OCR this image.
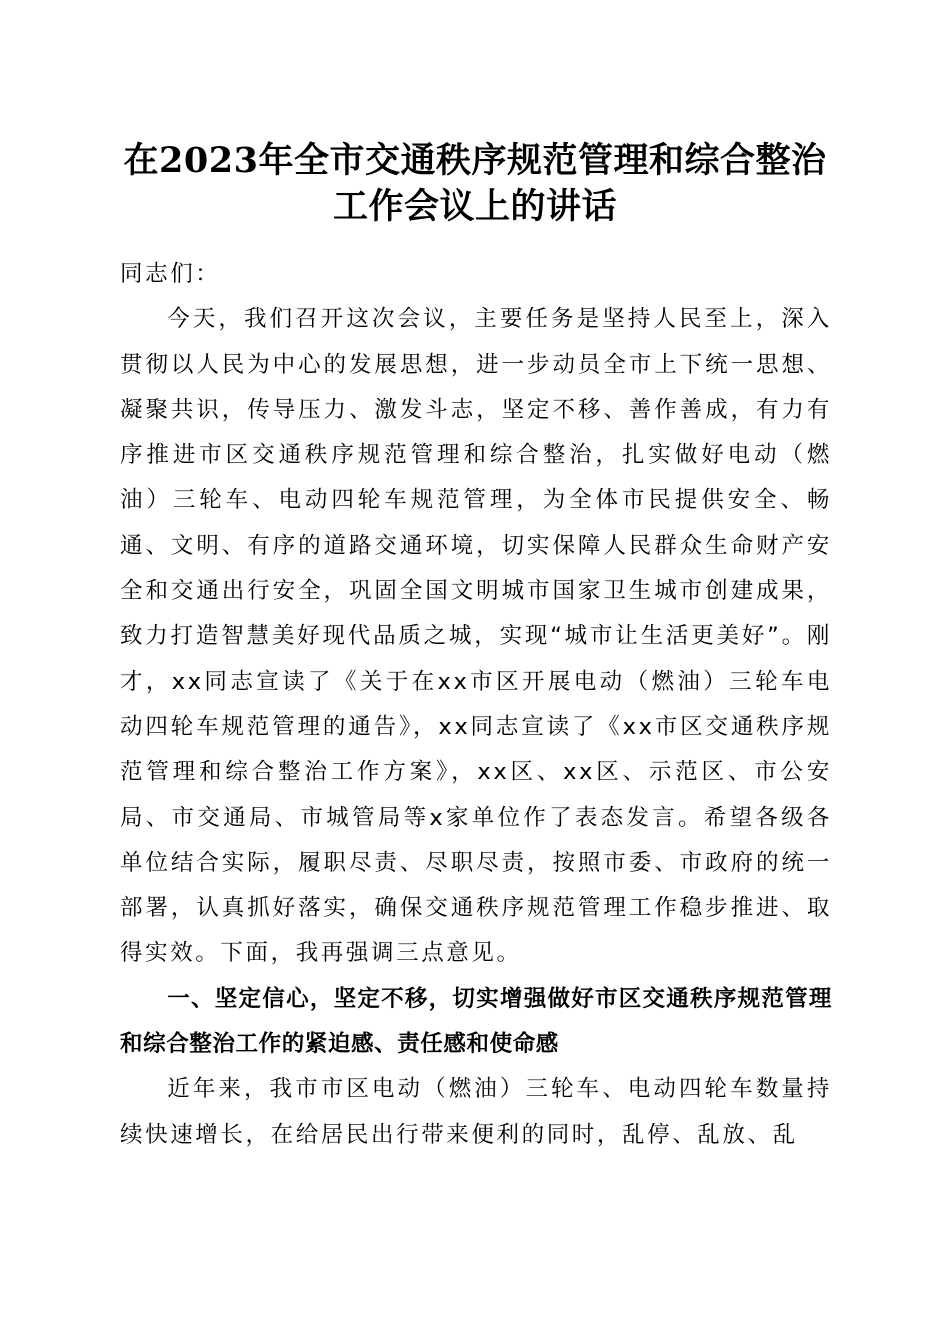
在2023年全市交通秩序规范管理和综合整治
工作会议上的讲话

同志们：

今天，我们召开这次会议，主要任务是坚持人民至上，深入贯彻以人民为中心的发展思想，进一步动员全市上下统一思想、凝聚共识，传导压力、激发斗志，坚定不移、善作善成，有力有序推进市区交通秩序规范管理和综合整治，扎实做好电动（燃油）三轮车、电动四轮车规范管理，为全体市民提供安全、畅通、文明、有序的道路交通环境，切实保障人民群众生命财产安全和交通出行安全，巩固全国文明城市国家卫生城市创建成果，致力打造智慧美好现代品质之城，实现“城市让生活更美好”。刚才，xx同志宣读了《关于在xx市区开展电动（燃油）三轮车电动四轮车规范管理的通告》，xx同志宣读了《xx市区交通秩序规范管理和综合整治工作方案》，xx区、xx区、示范区、市公安局、市交通局、市城管局等x家单位作了表态发言。希望各级各单位结合实际，履职尽责、尽职尽责，按照市委、市政府的统一部署，认真抓好落实，确保交通秩序规范管理工作稳步推进、取得实效。下面，我再强调三点意见。

一、坚定信心，坚定不移，切实增强做好市区交通秩序规范管理和综合整治工作的紧迫感、责任感和使命感

近年来，我市市区电动（燃油）三轮车、电动四轮车数量持续快速增长，在给居民出行带来便利的同时，乱停、乱放、乱
